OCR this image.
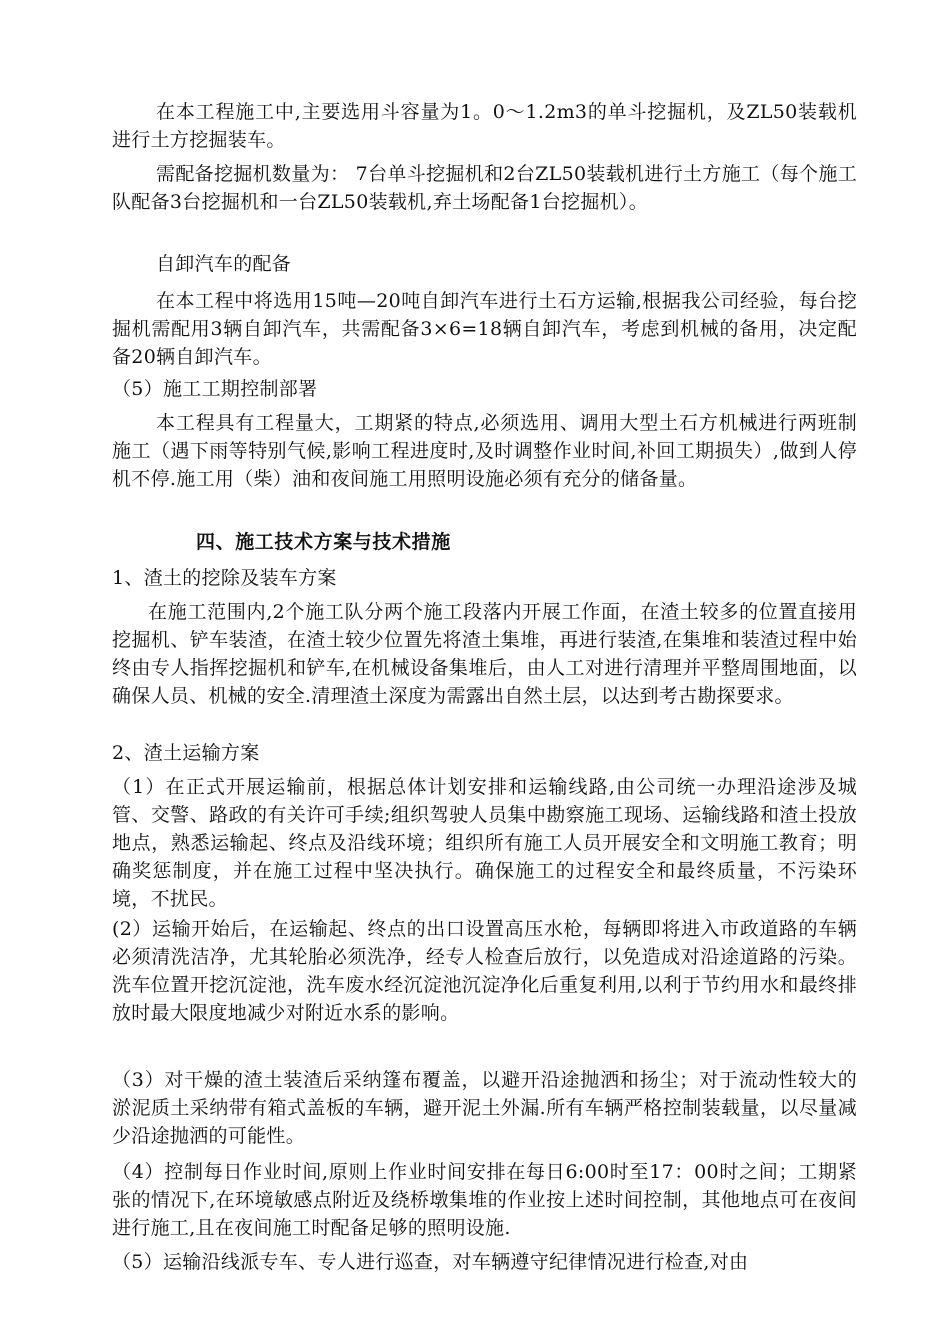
在本工程施工中,主要选用斗容量为1。0～1.2m3的单斗挖掘机，及ZL50装载机进行土方挖掘装车。

需配备挖掘机数量为： 7台单斗挖掘机和2台ZL50装载机进行土方施工（每个施工队配备3台挖掘机和一台ZL50装载机,弃土场配备1台挖掘机）。

自卸汽车的配备

在本工程中将选用15吨—20吨自卸汽车进行土石方运输,根据我公司经验，每台挖掘机需配用3辆自卸汽车，共需配备3×6=18辆自卸汽车，考虑到机械的备用，决定配备20辆自卸汽车。

（5）施工工期控制部署

本工程具有工程量大，工期紧的特点,必须选用、调用大型土石方机械进行两班制施工（遇下雨等特别气候,影响工程进度时,及时调整作业时间,补回工期损失）,做到人停机不停.施工用（柴）油和夜间施工用照明设施必须有充分的储备量。

四、施工技术方案与技术措施

1、渣土的挖除及装车方案

在施工范围内,2个施工队分两个施工段落内开展工作面，在渣土较多的位置直接用挖掘机、铲车装渣，在渣土较少位置先将渣土集堆，再进行装渣,在集堆和装渣过程中始终由专人指挥挖掘机和铲车,在机械设备集堆后，由人工对进行清理并平整周围地面，以确保人员、机械的安全.清理渣土深度为需露出自然土层，以达到考古勘探要求。

2、渣土运输方案

（1）在正式开展运输前，根据总体计划安排和运输线路,由公司统一办理沿途涉及城管、交警、路政的有关许可手续;组织驾驶人员集中勘察施工现场、运输线路和渣土投放地点，熟悉运输起、终点及沿线环境；组织所有施工人员开展安全和文明施工教育；明确奖惩制度，并在施工过程中坚决执行。确保施工的过程安全和最终质量，不污染环境，不扰民。

(2）运输开始后，在运输起、终点的出口设置高压水枪，每辆即将进入市政道路的车辆必须清洗洁净，尤其轮胎必须洗净，经专人检查后放行，以免造成对沿途道路的污染。洗车位置开挖沉淀池，洗车废水经沉淀池沉淀净化后重复利用,以利于节约用水和最终排放时最大限度地减少对附近水系的影响。

（3）对干燥的渣土装渣后采纳篷布覆盖，以避开沿途抛洒和扬尘；对于流动性较大的淤泥质土采纳带有箱式盖板的车辆，避开泥土外漏.所有车辆严格控制装载量，以尽量减少沿途抛洒的可能性。

（4）控制每日作业时间,原则上作业时间安排在每日6:00时至17：00时之间；工期紧张的情况下,在环境敏感点附近及绕桥墩集堆的作业按上述时间控制，其他地点可在夜间进行施工,且在夜间施工时配备足够的照明设施.

（5）运输沿线派专车、专人进行巡查，对车辆遵守纪律情况进行检查,对由
